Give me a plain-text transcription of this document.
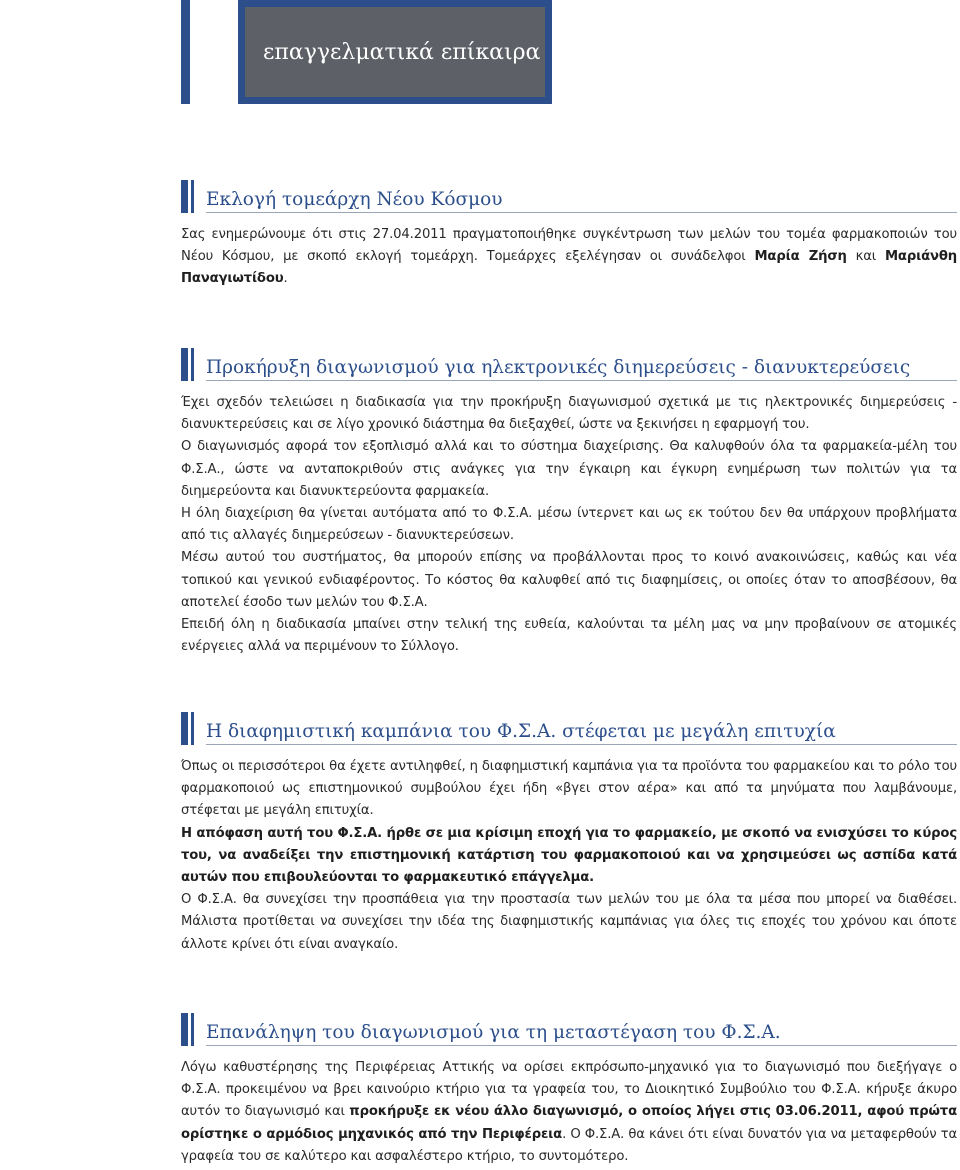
επαγγελματικά επίκαιρα
Εκλογή τομεάρχη Νέου Κόσμου

Σας ενημερώνουμε ότι στις 27.04.2011 πραγματοποιήθηκε συγκέντρωση των μελών του τομέα φαρμακοποιών του Νέου Κόσμου, με σκοπό εκλογή τομεάρχη. Τομεάρχες εξελέγησαν οι συνάδελφοι Μαρία Ζήση και Μαριάνθη Παναγιωτίδου.

Προκήρυξη διαγωνισμού για ηλεκτρονικές διημερεύσεις - διανυκτερεύσεις

Έχει σχεδόν τελειώσει η διαδικασία για την προκήρυξη διαγωνισμού σχετικά με τις ηλεκτρονικές διημερεύσεις - διανυκτερεύσεις και σε λίγο χρονικό διάστημα θα διεξαχθεί, ώστε να ξεκινήσει η εφαρμογή του.

Ο διαγωνισμός αφορά τον εξοπλισμό αλλά και το σύστημα διαχείρισης. Θα καλυφθούν όλα τα φαρμακεία-μέλη του Φ.Σ.Α., ώστε να ανταποκριθούν στις ανάγκες για την έγκαιρη και έγκυρη ενημέρωση των πολιτών για τα διημερεύοντα και διανυκτερεύοντα φαρμακεία.

Η όλη διαχείριση θα γίνεται αυτόματα από το Φ.Σ.Α. μέσω ίντερνετ και ως εκ τούτου δεν θα υπάρχουν προβλήματα από τις αλλαγές διημερεύσεων - διανυκτερεύσεων.

Μέσω αυτού του συστήματος, θα μπορούν επίσης να προβάλλονται προς το κοινό ανακοινώσεις, καθώς και νέα τοπικού και γενικού ενδιαφέροντος. Το κόστος θα καλυφθεί από τις διαφημίσεις, οι οποίες όταν το αποσβέσουν, θα αποτελεί έσοδο των μελών του Φ.Σ.Α.

Επειδή όλη η διαδικασία μπαίνει στην τελική της ευθεία, καλούνται τα μέλη μας να μην προβαίνουν σε ατομικές ενέργειες αλλά να περιμένουν το Σύλλογο.

Η διαφημιστική καμπάνια του Φ.Σ.Α. στέφεται με μεγάλη επιτυχία

Όπως οι περισσότεροι θα έχετε αντιληφθεί, η διαφημιστική καμπάνια για τα προϊόντα του φαρμακείου και το ρόλο του φαρμακοποιού ως επιστημονικού συμβούλου έχει ήδη «βγει στον αέρα» και από τα μηνύματα που λαμβάνουμε, στέφεται με μεγάλη επιτυχία.

Η απόφαση αυτή του Φ.Σ.Α. ήρθε σε μια κρίσιμη εποχή για το φαρμακείο, με σκοπό να ενισχύσει το κύρος του, να αναδείξει την επιστημονική κατάρτιση του φαρμακοποιού και να χρησιμεύσει ως ασπίδα κατά αυτών που επιβουλεύονται το φαρμακευτικό επάγγελμα.

Ο Φ.Σ.Α. θα συνεχίσει την προσπάθεια για την προστασία των μελών του με όλα τα μέσα που μπορεί να διαθέσει. Μάλιστα προτίθεται να συνεχίσει την ιδέα της διαφημιστικής καμπάνιας για όλες τις εποχές του χρόνου και όποτε άλλοτε κρίνει ότι είναι αναγκαίο.

Επανάληψη του διαγωνισμού για τη μεταστέγαση του Φ.Σ.Α.

Λόγω καθυστέρησης της Περιφέρειας Αττικής να ορίσει εκπρόσωπο-μηχανικό για το διαγωνισμό που διεξήγαγε ο Φ.Σ.Α. προκειμένου να βρει καινούριο κτήριο για τα γραφεία του, το Διοικητικό Συμβούλιο του Φ.Σ.Α. κήρυξε άκυρο αυτόν το διαγωνισμό και προκήρυξε εκ νέου άλλο διαγωνισμό, ο οποίος λήγει στις 03.06.2011, αφού πρώτα ορίστηκε ο αρμόδιος μηχανικός από την Περιφέρεια. Ο Φ.Σ.Α. θα κάνει ότι είναι δυνατόν για να μεταφερθούν τα γραφεία του σε καλύτερο και ασφαλέστερο κτήριο, το συντομότερο.
